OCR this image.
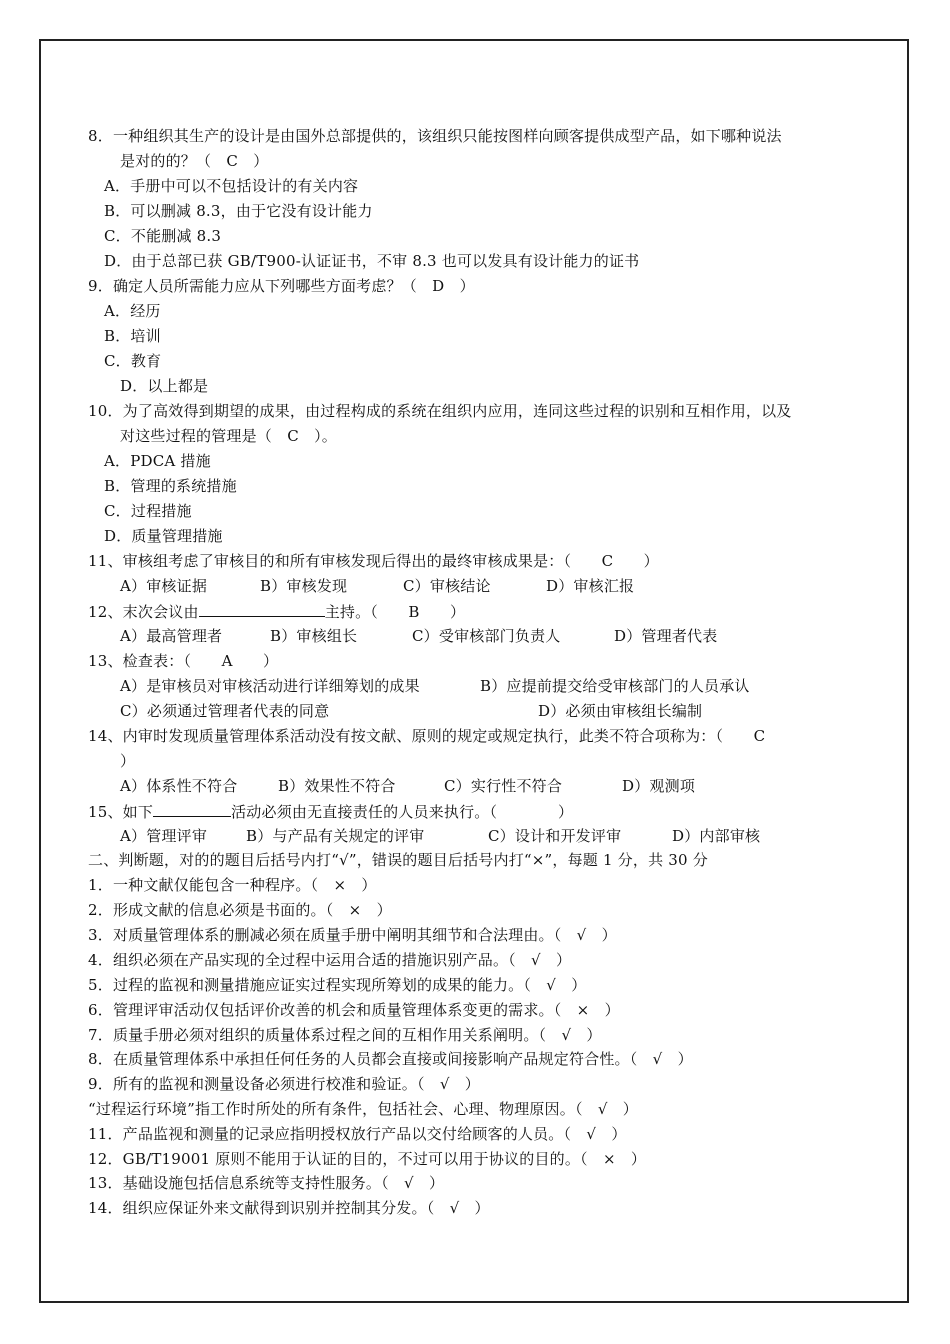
8．一种组织其生产的设计是由国外总部提供的，该组织只能按图样向顾客提供成型产品，如下哪种说法
是对的的？（　C　）
A．手册中可以不包括设计的有关内容
B．可以删减 8.3，由于它没有设计能力
C．不能删减 8.3
D．由于总部已获 GB/T900-认证证书，不审 8.3 也可以发具有设计能力的证书
9．确定人员所需能力应从下列哪些方面考虑？（　D　）
A．经历
B．培训
C．教育
D．以上都是
10．为了高效得到期望的成果，由过程构成的系统在组织内应用，连同这些过程的识别和互相作用，以及
对这些过程的管理是（　C　）。
A．PDCA 措施
B．管理的系统措施
C．过程措施
D．质量管理措施
11、审核组考虑了审核目的和所有审核发现后得出的最终审核成果是：（　　C　　）
A）审核证据	B）审核发现	C）审核结论	D）审核汇报
12、末次会议由	主持。（　　B　　）
A）最高管理者	B）审核组长	C）受审核部门负责人	D）管理者代表
13、检查表：（　　A　　）
A）是审核员对审核活动进行详细筹划的成果	B）应提前提交给受审核部门的人员承认
C）必须通过管理者代表的同意	D）必须由审核组长编制
14、内审时发现质量管理体系活动没有按文献、原则的规定或规定执行，此类不符合项称为：（　　C
）
A）体系性不符合	B）效果性不符合	C）实行性不符合	D）观测项
15、如下	活动必须由无直接责任的人员来执行。（　　　　）
A）管理评审	B）与产品有关规定的评审	C）设计和开发评审	D）内部审核
二、判断题，对的的题目后括号内打“√”，错误的题目后括号内打“×”，每题 1 分，共 30 分
1．一种文献仅能包含一种程序。（　×　）
2．形成文献的信息必须是书面的。（　×　）
3．对质量管理体系的删减必须在质量手册中阐明其细节和合法理由。（　√　）
4．组织必须在产品实现的全过程中运用合适的措施识别产品。（　√　）
5．过程的监视和测量措施应证实过程实现所筹划的成果的能力。（　√　）
6．管理评审活动仅包括评价改善的机会和质量管理体系变更的需求。（　×　）
7．质量手册必须对组织的质量体系过程之间的互相作用关系阐明。（　√　）
8．在质量管理体系中承担任何任务的人员都会直接或间接影响产品规定符合性。（　√　）
9．所有的监视和测量设备必须进行校准和验证。（　√　）
“过程运行环境”指工作时所处的所有条件，包括社会、心理、物理原因。（　√　）
11．产品监视和测量的记录应指明授权放行产品以交付给顾客的人员。（　√　）
12．GB/T19001 原则不能用于认证的目的，不过可以用于协议的目的。（　×　）
13．基础设施包括信息系统等支持性服务。（　√　）
14．组织应保证外来文献得到识别并控制其分发。（　√　）
